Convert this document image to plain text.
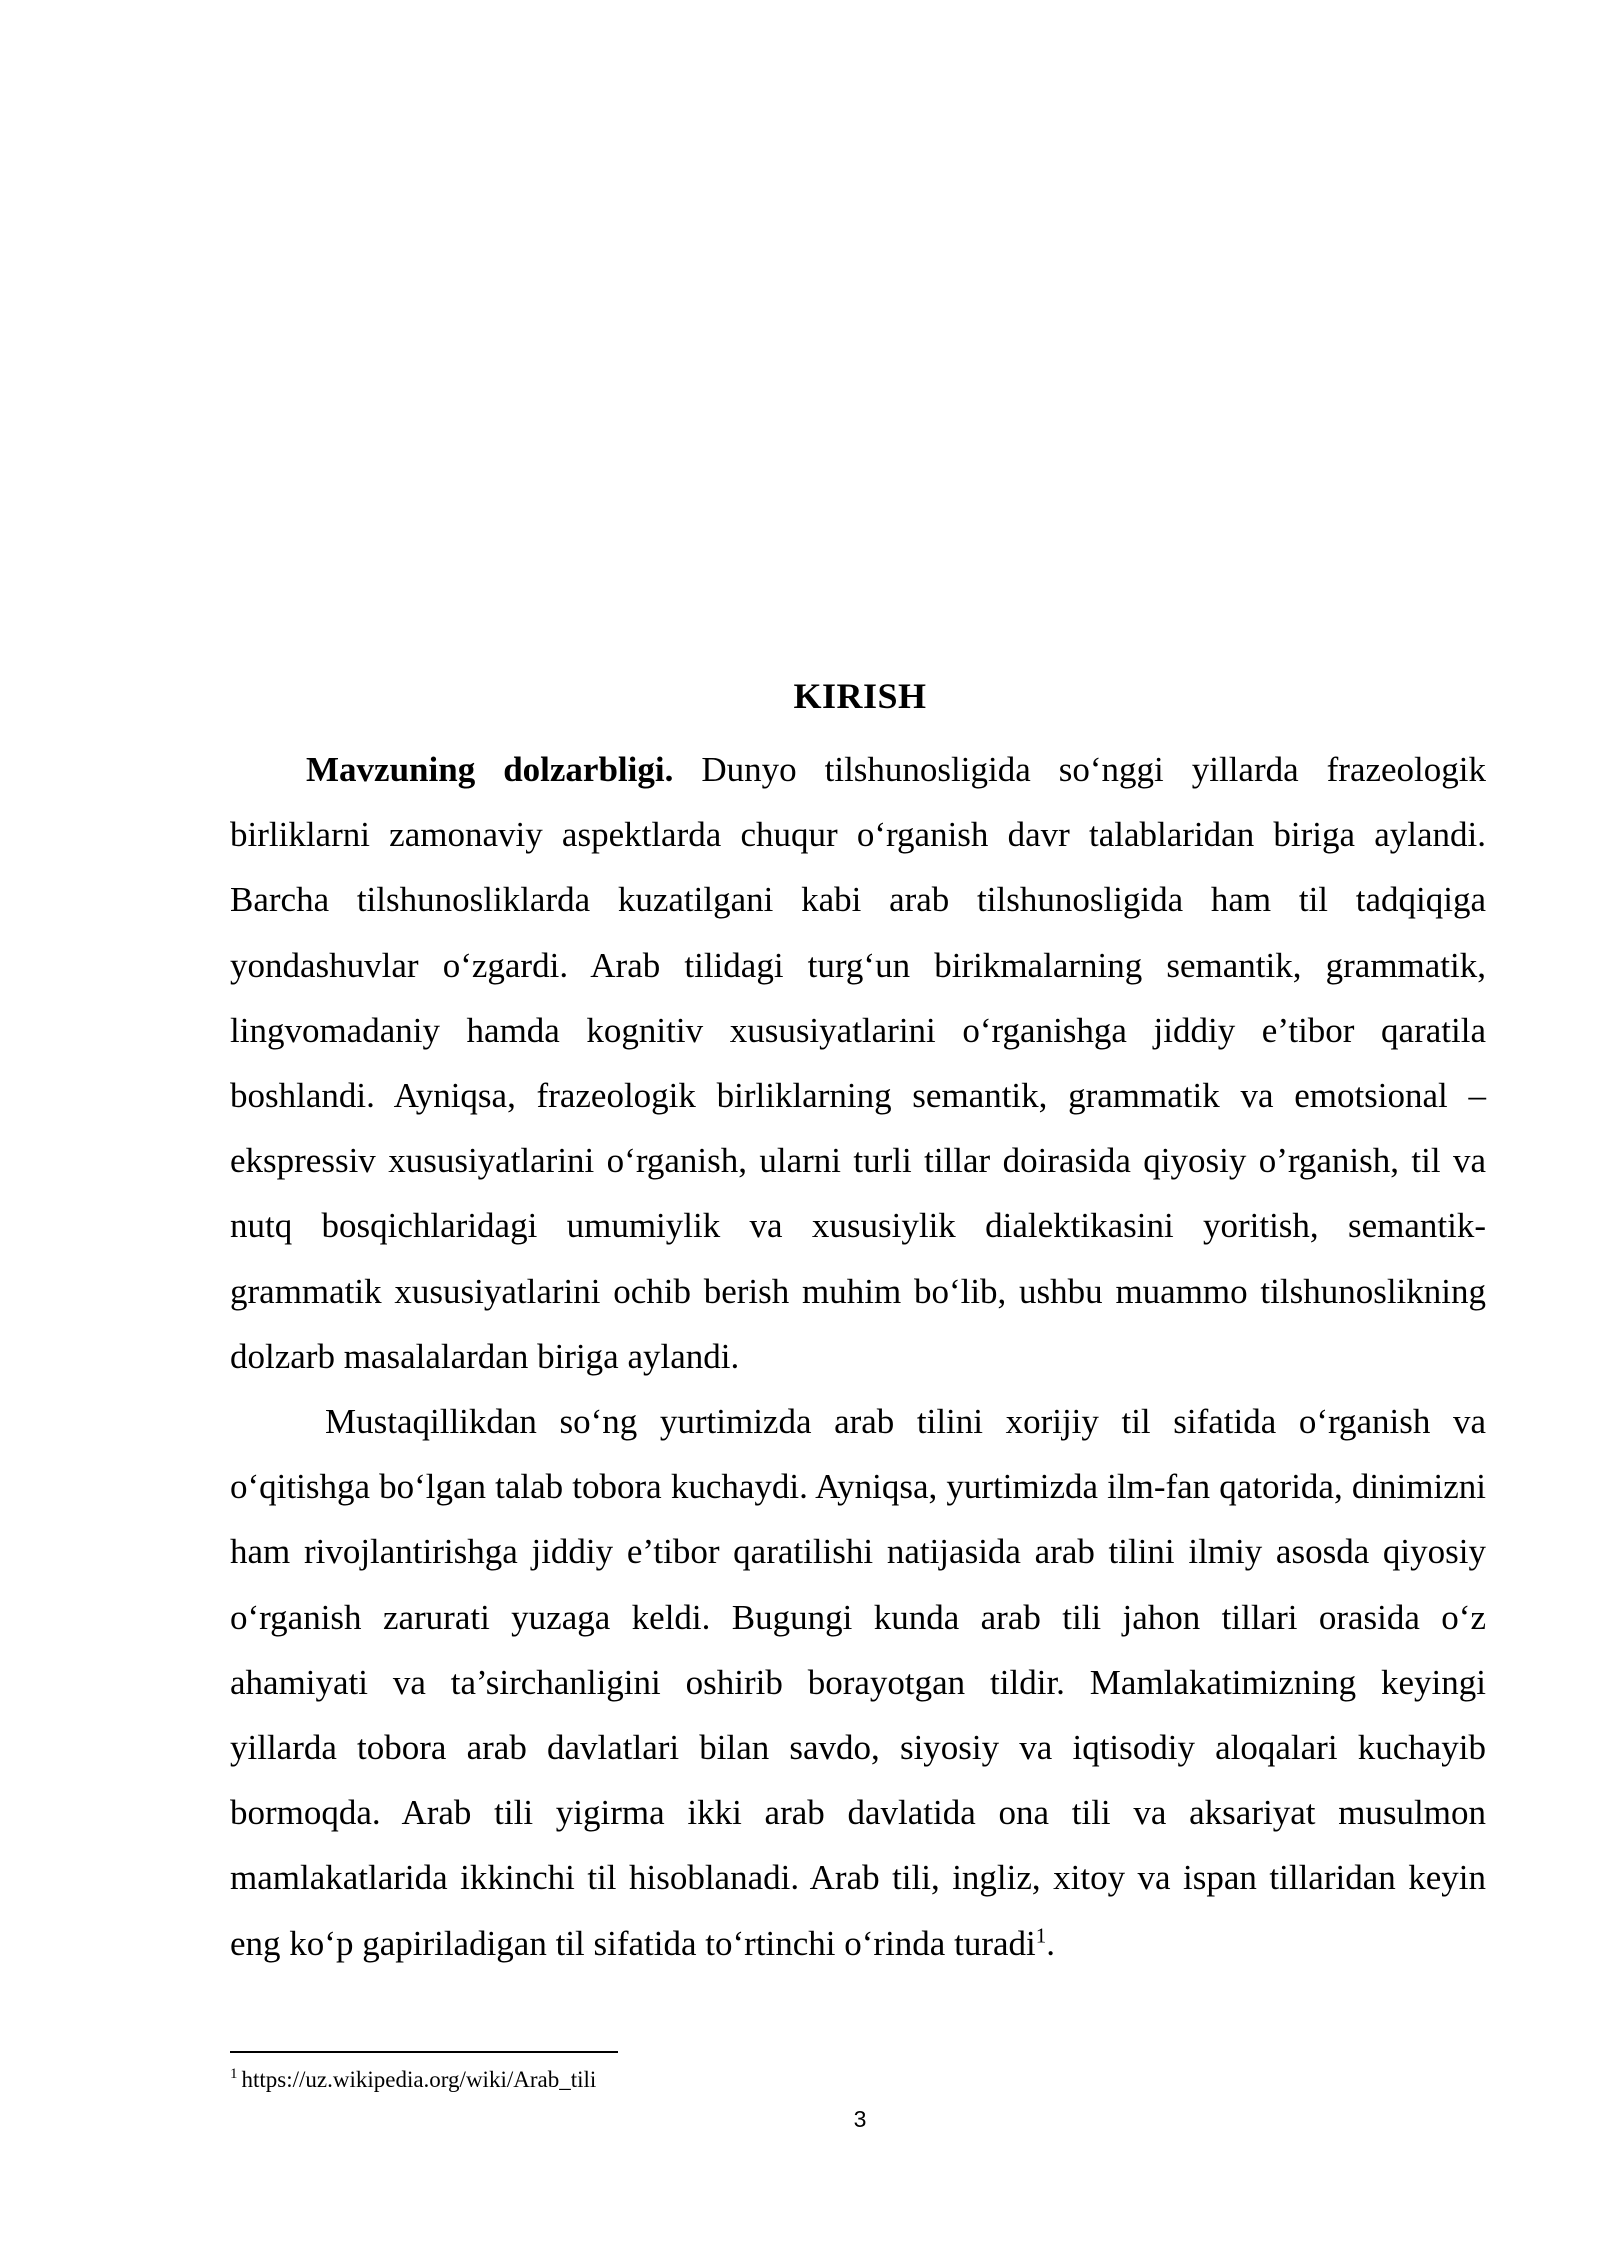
KIRISH

Mavzuning dolzarbligi. Dunyo tilshunosligida so‘nggi yillarda frazeologik birliklarni zamonaviy aspektlarda chuqur o‘rganish davr talablaridan biriga aylandi. Barcha tilshunosliklarda kuzatilgani kabi arab tilshunosligida ham til tadqiqiga yondashuvlar o‘zgardi. Arab tilidagi turg‘un birikmalarning semantik, grammatik, lingvomadaniy hamda kognitiv xususiyatlarini o‘rganishga jiddiy e’tibor qaratila boshlandi. Ayniqsa, frazeologik birliklarning semantik, grammatik va emotsional – ekspressiv xususiyatlarini o‘rganish, ularni turli tillar doirasida qiyosiy o’rganish, til va nutq bosqichlaridagi umumiylik va xususiylik dialektikasini yoritish, semantik-grammatik xususiyatlarini ochib berish muhim bo‘lib, ushbu muammo tilshunoslikning dolzarb masalalardan biriga aylandi.

Mustaqillikdan so‘ng yurtimizda arab tilini xorijiy til sifatida o‘rganish va o‘qitishga bo‘lgan talab tobora kuchaydi. Ayniqsa, yurtimizda ilm-fan qatorida, dinimizni ham rivojlantirishga jiddiy e’tibor qaratilishi natijasida arab tilini ilmiy asosda qiyosiy o‘rganish zarurati yuzaga keldi. Bugungi kunda arab tili jahon tillari orasida o‘z ahamiyati va ta’sirchanligini oshirib borayotgan tildir. Mamlakatimizning keyingi yillarda tobora arab davlatlari bilan savdo, siyosiy va iqtisodiy aloqalari kuchayib bormoqda. Arab tili yigirma ikki arab davlatida ona tili va aksariyat musulmon mamlakatlarida ikkinchi til hisoblanadi. Arab tili, ingliz, xitoy va ispan tillaridan keyin eng ko‘p gapiriladigan til sifatida to‘rtinchi o‘rinda turadi$^1$.

$^1$ https://uz.wikipedia.org/wiki/Arab_tili
3
